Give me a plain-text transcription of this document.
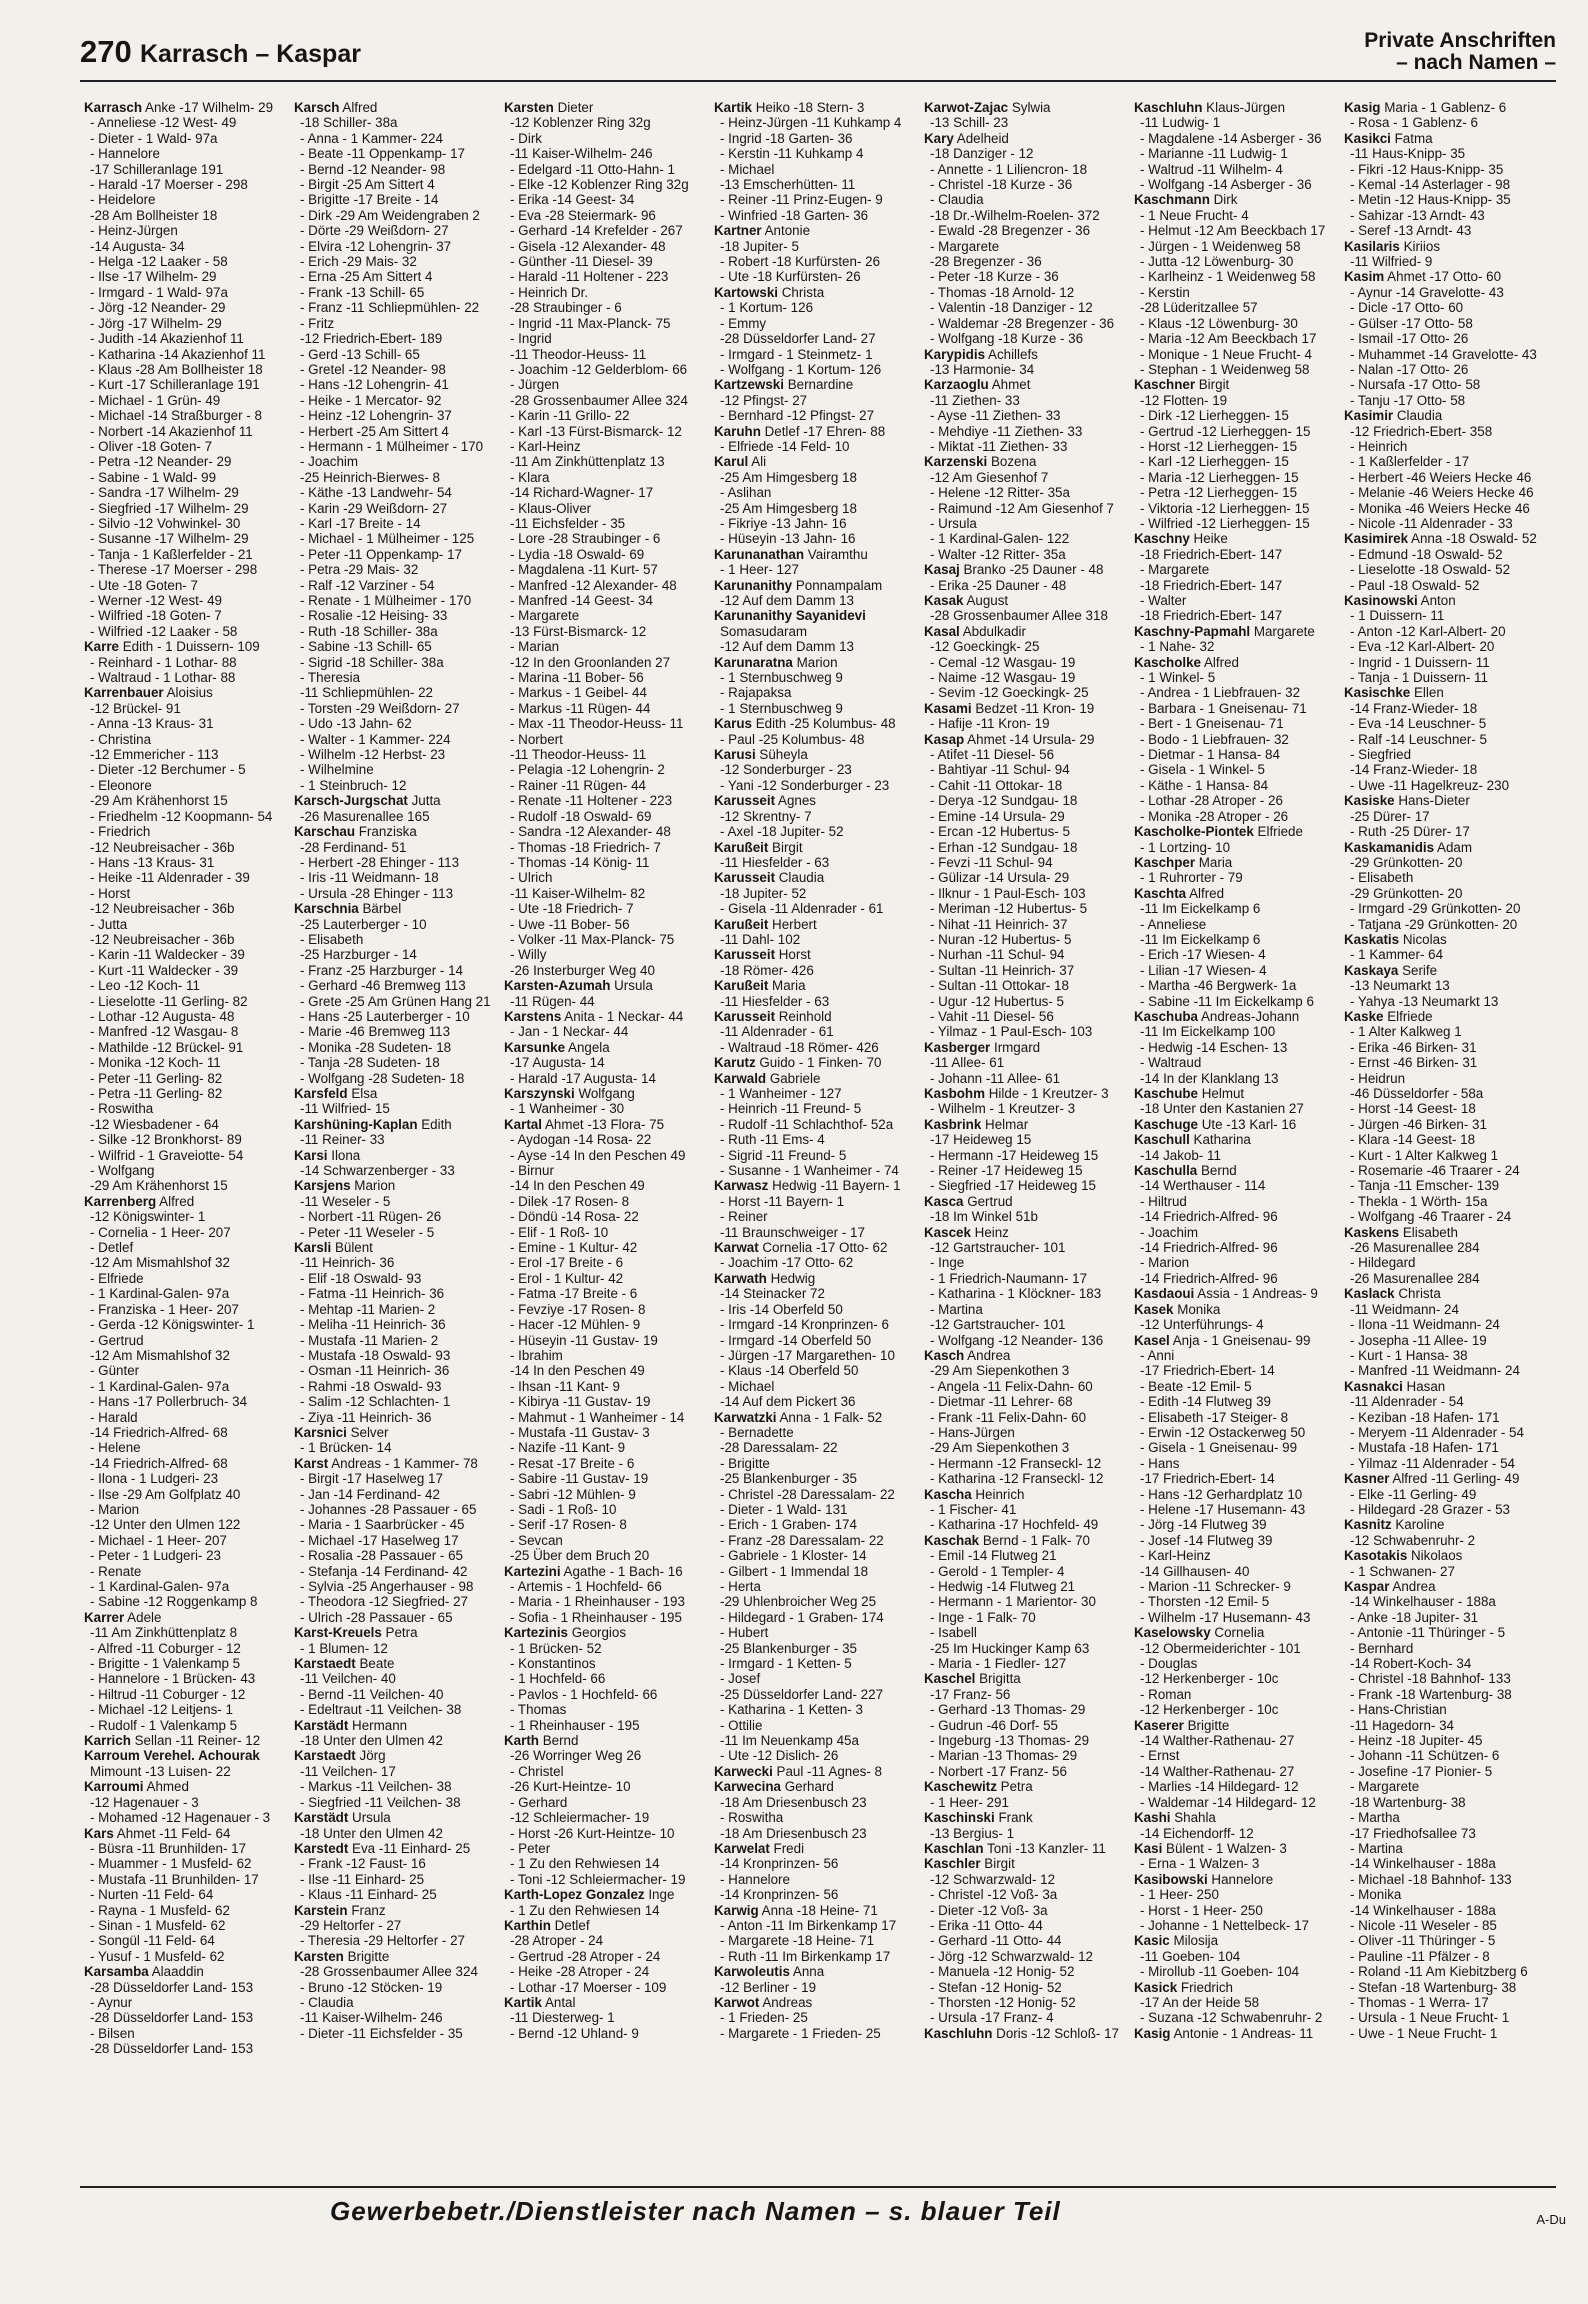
270 Karrasch – Kaspar	Private Anschriften
– nach Namen –
Karrasch Anke -17 Wilhelm- 29
- Anneliese -12 West- 49
- Dieter - 1 Wald- 97a
- Hannelore
-17 Schilleranlage 191
- Harald -17 Moerser - 298
- Heidelore
-28 Am Bollheister 18
- Heinz-Jürgen
-14 Augusta- 34
- Helga -12 Laaker - 58
- Ilse -17 Wilhelm- 29
- Irmgard - 1 Wald- 97a
- Jörg -12 Neander- 29
- Jörg -17 Wilhelm- 29
- Judith -14 Akazienhof 11
- Katharina -14 Akazienhof 11
- Klaus -28 Am Bollheister 18
- Kurt -17 Schilleranlage 191
- Michael - 1 Grün- 49
- Michael -14 Straßburger - 8
- Norbert -14 Akazienhof 11
- Oliver -18 Goten- 7
- Petra -12 Neander- 29
- Sabine - 1 Wald- 99
- Sandra -17 Wilhelm- 29
- Siegfried -17 Wilhelm- 29
- Silvio -12 Vohwinkel- 30
- Susanne -17 Wilhelm- 29
- Tanja - 1 Kaßlerfelder - 21
- Therese -17 Moerser - 298
- Ute -18 Goten- 7
- Werner -12 West- 49
- Wilfried -18 Goten- 7
- Wilfried -12 Laaker - 58
Karre Edith - 1 Duissern- 109
- Reinhard - 1 Lothar- 88
- Waltraud - 1 Lothar- 88
Karrenbauer Aloisius
-12 Brückel- 91
- Anna -13 Kraus- 31
- Christina
-12 Emmericher - 113
- Dieter -12 Berchumer - 5
- Eleonore
-29 Am Krähenhorst 15
- Friedhelm -12 Koopmann- 54
- Friedrich
-12 Neubreisacher - 36b
- Hans -13 Kraus- 31
- Heike -11 Aldenrader - 39
- Horst
-12 Neubreisacher - 36b
- Jutta
-12 Neubreisacher - 36b
- Karin -11 Waldecker - 39
- Kurt -11 Waldecker - 39
- Leo -12 Koch- 11
- Lieselotte -11 Gerling- 82
- Lothar -12 Augusta- 48
- Manfred -12 Wasgau- 8
- Mathilde -12 Brückel- 91
- Monika -12 Koch- 11
- Peter -11 Gerling- 82
- Petra -11 Gerling- 82
- Roswitha
-12 Wiesbadener - 64
- Silke -12 Bronkhorst- 89
- Wilfrid - 1 Graveiotte- 54
- Wolfgang
-29 Am Krähenhorst 15
Karrenberg Alfred
-12 Königswinter- 1
- Cornelia - 1 Heer- 207
- Detlef
-12 Am Mismahlshof 32
- Elfriede
- 1 Kardinal-Galen- 97a
- Franziska - 1 Heer- 207
- Gerda -12 Königswinter- 1
- Gertrud
-12 Am Mismahlshof 32
- Günter
- 1 Kardinal-Galen- 97a
- Hans -17 Pollerbruch- 34
- Harald
-14 Friedrich-Alfred- 68
- Helene
-14 Friedrich-Alfred- 68
- Ilona - 1 Ludgeri- 23
- Ilse -29 Am Golfplatz 40
- Marion
-12 Unter den Ulmen 122
- Michael - 1 Heer- 207
- Peter - 1 Ludgeri- 23
- Renate
- 1 Kardinal-Galen- 97a
- Sabine -12 Roggenkamp 8
Karrer Adele
-11 Am Zinkhüttenplatz 8
- Alfred -11 Coburger - 12
- Brigitte - 1 Valenkamp 5
- Hannelore - 1 Brücken- 43
- Hiltrud -11 Coburger - 12
- Michael -12 Leitjens- 1
- Rudolf - 1 Valenkamp 5
Karrich Sellan -11 Reiner- 12
Karroum Verehel. Achourak
Mimount -13 Luisen- 22
Karroumi Ahmed
-12 Hagenauer - 3
- Mohamed -12 Hagenauer - 3
Kars Ahmet -11 Feld- 64
- Büsra -11 Brunhilden- 17
- Muammer - 1 Musfeld- 62
- Mustafa -11 Brunhilden- 17
- Nurten -11 Feld- 64
- Rayna - 1 Musfeld- 62
- Sinan - 1 Musfeld- 62
- Songül -11 Feld- 64
- Yusuf - 1 Musfeld- 62
Karsamba Alaaddin
-28 Düsseldorfer Land- 153
- Aynur
-28 Düsseldorfer Land- 153
- Bilsen
-28 Düsseldorfer Land- 153
Karsch Alfred
-18 Schiller- 38a
- Anna - 1 Kammer- 224
- Beate -11 Oppenkamp- 17
- Bernd -12 Neander- 98
- Birgit -25 Am Sittert 4
- Brigitte -17 Breite - 14
- Dirk -29 Am Weidengraben 2
- Dörte -29 Weißdorn- 27
- Elvira -12 Lohengrin- 37
- Erich -29 Mais- 32
- Erna -25 Am Sittert 4
- Frank -13 Schill- 65
- Franz -11 Schliepmühlen- 22
- Fritz
-12 Friedrich-Ebert- 189
- Gerd -13 Schill- 65
- Gretel -12 Neander- 98
- Hans -12 Lohengrin- 41
- Heike - 1 Mercator- 92
- Heinz -12 Lohengrin- 37
- Herbert -25 Am Sittert 4
- Hermann - 1 Mülheimer - 170
- Joachim
-25 Heinrich-Bierwes- 8
- Käthe -13 Landwehr- 54
- Karin -29 Weißdorn- 27
- Karl -17 Breite - 14
- Michael - 1 Mülheimer - 125
- Peter -11 Oppenkamp- 17
- Petra -29 Mais- 32
- Ralf -12 Varziner - 54
- Renate - 1 Mülheimer - 170
- Rosalie -12 Heising- 33
- Ruth -18 Schiller- 38a
- Sabine -13 Schill- 65
- Sigrid -18 Schiller- 38a
- Theresia
-11 Schliepmühlen- 22
- Torsten -29 Weißdorn- 27
- Udo -13 Jahn- 62
- Walter - 1 Kammer- 224
- Wilhelm -12 Herbst- 23
- Wilhelmine
- 1 Steinbruch- 12
Karsch-Jurgschat Jutta
-26 Masurenallee 165
Karschau Franziska
-28 Ferdinand- 51
- Herbert -28 Ehinger - 113
- Iris -11 Weidmann- 18
- Ursula -28 Ehinger - 113
Karschnia Bärbel
-25 Lauterberger - 10
- Elisabeth
-25 Harzburger - 14
- Franz -25 Harzburger - 14
- Gerhard -46 Bremweg 113
- Grete -25 Am Grünen Hang 21
- Hans -25 Lauterberger - 10
- Marie -46 Bremweg 113
- Monika -28 Sudeten- 18
- Tanja -28 Sudeten- 18
- Wolfgang -28 Sudeten- 18
Karsfeld Elsa
-11 Wilfried- 15
Karshüning-Kaplan Edith
-11 Reiner- 33
Karsi Ilona
-14 Schwarzenberger - 33
Karsjens Marion
-11 Weseler - 5
- Norbert -11 Rügen- 26
- Peter -11 Weseler - 5
Karsli Bülent
-11 Heinrich- 36
- Elif -18 Oswald- 93
- Fatma -11 Heinrich- 36
- Mehtap -11 Marien- 2
- Meliha -11 Heinrich- 36
- Mustafa -11 Marien- 2
- Mustafa -18 Oswald- 93
- Osman -11 Heinrich- 36
- Rahmi -18 Oswald- 93
- Salim -12 Schlachten- 1
- Ziya -11 Heinrich- 36
Karsnici Selver
- 1 Brücken- 14
Karst Andreas - 1 Kammer- 78
- Birgit -17 Haselweg 17
- Jan -14 Ferdinand- 42
- Johannes -28 Passauer - 65
- Maria - 1 Saarbrücker - 45
- Michael -17 Haselweg 17
- Rosalia -28 Passauer - 65
- Stefanja -14 Ferdinand- 42
- Sylvia -25 Angerhauser - 98
- Theodora -12 Siegfried- 27
- Ulrich -28 Passauer - 65
Karst-Kreuels Petra
- 1 Blumen- 12
Karstaedt Beate
-11 Veilchen- 40
- Bernd -11 Veilchen- 40
- Edeltraut -11 Veilchen- 38
Karstädt Hermann
-18 Unter den Ulmen 42
Karstaedt Jörg
-11 Veilchen- 17
- Markus -11 Veilchen- 38
- Siegfried -11 Veilchen- 38
Karstädt Ursula
-18 Unter den Ulmen 42
Karstedt Eva -11 Einhard- 25
- Frank -12 Faust- 16
- Ilse -11 Einhard- 25
- Klaus -11 Einhard- 25
Karstein Franz
-29 Heltorfer - 27
- Theresia -29 Heltorfer - 27
Karsten Brigitte
-28 Grossenbaumer Allee 324
- Bruno -12 Stöcken- 19
- Claudia
-11 Kaiser-Wilhelm- 246
- Dieter -11 Eichsfelder - 35
Karsten Dieter
-12 Koblenzer Ring 32g
- Dirk
-11 Kaiser-Wilhelm- 246
- Edelgard -11 Otto-Hahn- 1
- Elke -12 Koblenzer Ring 32g
- Erika -14 Geest- 34
- Eva -28 Steiermark- 96
- Gerhard -14 Krefelder - 267
- Gisela -12 Alexander- 48
- Günther -11 Diesel- 39
- Harald -11 Holtener - 223
- Heinrich Dr.
-28 Straubinger - 6
- Ingrid -11 Max-Planck- 75
- Ingrid
-11 Theodor-Heuss- 11
- Joachim -12 Gelderblom- 66
- Jürgen
-28 Grossenbaumer Allee 324
- Karin -11 Grillo- 22
- Karl -13 Fürst-Bismarck- 12
- Karl-Heinz
-11 Am Zinkhüttenplatz 13
- Klara
-14 Richard-Wagner- 17
- Klaus-Oliver
-11 Eichsfelder - 35
- Lore -28 Straubinger - 6
- Lydia -18 Oswald- 69
- Magdalena -11 Kurt- 57
- Manfred -12 Alexander- 48
- Manfred -14 Geest- 34
- Margarete
-13 Fürst-Bismarck- 12
- Marian
-12 In den Groonlanden 27
- Marina -11 Bober- 56
- Markus - 1 Geibel- 44
- Markus -11 Rügen- 44
- Max -11 Theodor-Heuss- 11
- Norbert
-11 Theodor-Heuss- 11
- Pelagia -12 Lohengrin- 2
- Rainer -11 Rügen- 44
- Renate -11 Holtener - 223
- Rudolf -18 Oswald- 69
- Sandra -12 Alexander- 48
- Thomas -18 Friedrich- 7
- Thomas -14 König- 11
- Ulrich
-11 Kaiser-Wilhelm- 82
- Ute -18 Friedrich- 7
- Uwe -11 Bober- 56
- Volker -11 Max-Planck- 75
- Willy
-26 Insterburger Weg 40
Karsten-Azumah Ursula
-11 Rügen- 44
Karstens Anita - 1 Neckar- 44
- Jan - 1 Neckar- 44
Karsunke Angela
-17 Augusta- 14
- Harald -17 Augusta- 14
Karszynski Wolfgang
- 1 Wanheimer - 30
Kartal Ahmet -13 Flora- 75
- Aydogan -14 Rosa- 22
- Ayse -14 In den Peschen 49
- Birnur
-14 In den Peschen 49
- Dilek -17 Rosen- 8
- Döndü -14 Rosa- 22
- Elif - 1 Roß- 10
- Emine - 1 Kultur- 42
- Erol -17 Breite - 6
- Erol - 1 Kultur- 42
- Fatma -17 Breite - 6
- Fevziye -17 Rosen- 8
- Hacer -12 Mühlen- 9
- Hüseyin -11 Gustav- 19
- Ibrahim
-14 In den Peschen 49
- Ihsan -11 Kant- 9
- Kibirya -11 Gustav- 19
- Mahmut - 1 Wanheimer - 14
- Mustafa -11 Gustav- 3
- Nazife -11 Kant- 9
- Resat -17 Breite - 6
- Sabire -11 Gustav- 19
- Sabri -12 Mühlen- 9
- Sadi - 1 Roß- 10
- Serif -17 Rosen- 8
- Sevcan
-25 Über dem Bruch 20
Kartezini Agathe - 1 Bach- 16
- Artemis - 1 Hochfeld- 66
- Maria - 1 Rheinhauser - 193
- Sofia - 1 Rheinhauser - 195
Kartezinis Georgios
- 1 Brücken- 52
- Konstantinos
- 1 Hochfeld- 66
- Pavlos - 1 Hochfeld- 66
- Thomas
- 1 Rheinhauser - 195
Karth Bernd
-26 Worringer Weg 26
- Christel
-26 Kurt-Heintze- 10
- Gerhard
-12 Schleiermacher- 19
- Horst -26 Kurt-Heintze- 10
- Peter
- 1 Zu den Rehwiesen 14
- Toni -12 Schleiermacher- 19
Karth-Lopez Gonzalez Inge
- 1 Zu den Rehwiesen 14
Karthin Detlef
-28 Atroper - 24
- Gertrud -28 Atroper - 24
- Heike -28 Atroper - 24
- Lothar -17 Moerser - 109
Kartik Antal
-11 Diesterweg- 1
- Bernd -12 Uhland- 9
Kartik Heiko -18 Stern- 3
- Heinz-Jürgen -11 Kuhkamp 4
- Ingrid -18 Garten- 36
- Kerstin -11 Kuhkamp 4
- Michael
-13 Emscherhütten- 11
- Reiner -11 Prinz-Eugen- 9
- Winfried -18 Garten- 36
Kartner Antonie
-18 Jupiter- 5
- Robert -18 Kurfürsten- 26
- Ute -18 Kurfürsten- 26
Kartowski Christa
- 1 Kortum- 126
- Emmy
-28 Düsseldorfer Land- 27
- Irmgard - 1 Steinmetz- 1
- Wolfgang - 1 Kortum- 126
Kartzewski Bernardine
-12 Pfingst- 27
- Bernhard -12 Pfingst- 27
Karuhn Detlef -17 Ehren- 88
- Elfriede -14 Feld- 10
Karul Ali
-25 Am Himgesberg 18
- Aslihan
-25 Am Himgesberg 18
- Fikriye -13 Jahn- 16
- Hüseyin -13 Jahn- 16
Karunanathan Vairamthu
- 1 Heer- 127
Karunanithy Ponnampalam
-12 Auf dem Damm 13
Karunanithy Sayanidevi
Somasudaram
-12 Auf dem Damm 13
Karunaratna Marion
- 1 Sternbuschweg 9
- Rajapaksa
- 1 Sternbuschweg 9
Karus Edith -25 Kolumbus- 48
- Paul -25 Kolumbus- 48
Karusi Süheyla
-12 Sonderburger - 23
- Yani -12 Sonderburger - 23
Karusseit Agnes
-12 Skrentny- 7
- Axel -18 Jupiter- 52
Karußeit Birgit
-11 Hiesfelder - 63
Karusseit Claudia
-18 Jupiter- 52
- Gisela -11 Aldenrader - 61
Karußeit Herbert
-11 Dahl- 102
Karusseit Horst
-18 Römer- 426
Karußeit Maria
-11 Hiesfelder - 63
Karusseit Reinhold
-11 Aldenrader - 61
- Waltraud -18 Römer- 426
Karutz Guido - 1 Finken- 70
Karwald Gabriele
- 1 Wanheimer - 127
- Heinrich -11 Freund- 5
- Rudolf -11 Schlachthof- 52a
- Ruth -11 Ems- 4
- Sigrid -11 Freund- 5
- Susanne - 1 Wanheimer - 74
Karwasz Hedwig -11 Bayern- 1
- Horst -11 Bayern- 1
- Reiner
-11 Braunschweiger - 17
Karwat Cornelia -17 Otto- 62
- Joachim -17 Otto- 62
Karwath Hedwig
-14 Steinacker 72
- Iris -14 Oberfeld 50
- Irmgard -14 Kronprinzen- 6
- Irmgard -14 Oberfeld 50
- Jürgen -17 Margarethen- 10
- Klaus -14 Oberfeld 50
- Michael
-14 Auf dem Pickert 36
Karwatzki Anna - 1 Falk- 52
- Bernadette
-28 Daressalam- 22
- Brigitte
-25 Blankenburger - 35
- Christel -28 Daressalam- 22
- Dieter - 1 Wald- 131
- Erich - 1 Graben- 174
- Franz -28 Daressalam- 22
- Gabriele - 1 Kloster- 14
- Gilbert - 1 Immendal 18
- Herta
-29 Uhlenbroicher Weg 25
- Hildegard - 1 Graben- 174
- Hubert
-25 Blankenburger - 35
- Irmgard - 1 Ketten- 5
- Josef
-25 Düsseldorfer Land- 227
- Katharina - 1 Ketten- 3
- Ottilie
-11 Im Neuenkamp 45a
- Ute -12 Dislich- 26
Karwecki Paul -11 Agnes- 8
Karwecina Gerhard
-18 Am Driesenbusch 23
- Roswitha
-18 Am Driesenbusch 23
Karwelat Fredi
-14 Kronprinzen- 56
- Hannelore
-14 Kronprinzen- 56
Karwig Anna -18 Heine- 71
- Anton -11 Im Birkenkamp 17
- Margarete -18 Heine- 71
- Ruth -11 Im Birkenkamp 17
Karwoleutis Anna
-12 Berliner - 19
Karwot Andreas
- 1 Frieden- 25
- Margarete - 1 Frieden- 25
Karwot-Zajac Sylwia
-13 Schill- 23
Kary Adelheid
-18 Danziger - 12
- Annette - 1 Liliencron- 18
- Christel -18 Kurze - 36
- Claudia
-18 Dr.-Wilhelm-Roelen- 372
- Ewald -28 Bregenzer - 36
- Margarete
-28 Bregenzer - 36
- Peter -18 Kurze - 36
- Thomas -18 Arnold- 12
- Valentin -18 Danziger - 12
- Waldemar -28 Bregenzer - 36
- Wolfgang -18 Kurze - 36
Karypidis Achillefs
-13 Harmonie- 34
Karzaoglu Ahmet
-11 Ziethen- 33
- Ayse -11 Ziethen- 33
- Mehdiye -11 Ziethen- 33
- Miktat -11 Ziethen- 33
Karzenski Bozena
-12 Am Giesenhof 7
- Helene -12 Ritter- 35a
- Raimund -12 Am Giesenhof 7
- Ursula
- 1 Kardinal-Galen- 122
- Walter -12 Ritter- 35a
Kasaj Branko -25 Dauner - 48
- Erika -25 Dauner - 48
Kasak August
-28 Grossenbaumer Allee 318
Kasal Abdulkadir
-12 Goeckingk- 25
- Cemal -12 Wasgau- 19
- Naime -12 Wasgau- 19
- Sevim -12 Goeckingk- 25
Kasami Bedzet -11 Kron- 19
- Hafije -11 Kron- 19
Kasap Ahmet -14 Ursula- 29
- Atifet -11 Diesel- 56
- Bahtiyar -11 Schul- 94
- Cahit -11 Ottokar- 18
- Derya -12 Sundgau- 18
- Emine -14 Ursula- 29
- Ercan -12 Hubertus- 5
- Erhan -12 Sundgau- 18
- Fevzi -11 Schul- 94
- Gülizar -14 Ursula- 29
- Ilknur - 1 Paul-Esch- 103
- Meriman -12 Hubertus- 5
- Nihat -11 Heinrich- 37
- Nuran -12 Hubertus- 5
- Nurhan -11 Schul- 94
- Sultan -11 Heinrich- 37
- Sultan -11 Ottokar- 18
- Ugur -12 Hubertus- 5
- Vahit -11 Diesel- 56
- Yilmaz - 1 Paul-Esch- 103
Kasberger Irmgard
-11 Allee- 61
- Johann -11 Allee- 61
Kasbohm Hilde - 1 Kreutzer- 3
- Wilhelm - 1 Kreutzer- 3
Kasbrink Helmar
-17 Heideweg 15
- Hermann -17 Heideweg 15
- Reiner -17 Heideweg 15
- Siegfried -17 Heideweg 15
Kasca Gertrud
-18 Im Winkel 51b
Kascek Heinz
-12 Gartstraucher- 101
- Inge
- 1 Friedrich-Naumann- 17
- Katharina - 1 Klöckner- 183
- Martina
-12 Gartstraucher- 101
- Wolfgang -12 Neander- 136
Kasch Andrea
-29 Am Siepenkothen 3
- Angela -11 Felix-Dahn- 60
- Dietmar -11 Lehrer- 68
- Frank -11 Felix-Dahn- 60
- Hans-Jürgen
-29 Am Siepenkothen 3
- Hermann -12 Franseckl- 12
- Katharina -12 Franseckl- 12
Kascha Heinrich
- 1 Fischer- 41
- Katharina -17 Hochfeld- 49
Kaschak Bernd - 1 Falk- 70
- Emil -14 Flutweg 21
- Gerold - 1 Templer- 4
- Hedwig -14 Flutweg 21
- Hermann - 1 Marientor- 30
- Inge - 1 Falk- 70
- Isabell
-25 Im Huckinger Kamp 63
- Maria - 1 Fiedler- 127
Kaschel Brigitta
-17 Franz- 56
- Gerhard -13 Thomas- 29
- Gudrun -46 Dorf- 55
- Ingeburg -13 Thomas- 29
- Marian -13 Thomas- 29
- Norbert -17 Franz- 56
Kaschewitz Petra
- 1 Heer- 291
Kaschinski Frank
-13 Bergius- 1
Kaschlan Toni -13 Kanzler- 11
Kaschler Birgit
-12 Schwarzwald- 12
- Christel -12 Voß- 3a
- Dieter -12 Voß- 3a
- Erika -11 Otto- 44
- Gerhard -11 Otto- 44
- Jörg -12 Schwarzwald- 12
- Manuela -12 Honig- 52
- Stefan -12 Honig- 52
- Thorsten -12 Honig- 52
- Ursula -17 Franz- 4
Kaschluhn Doris -12 Schloß- 17
Kaschluhn Klaus-Jürgen
-11 Ludwig- 1
- Magdalene -14 Asberger - 36
- Marianne -11 Ludwig- 1
- Waltrud -11 Wilhelm- 4
- Wolfgang -14 Asberger - 36
Kaschmann Dirk
- 1 Neue Frucht- 4
- Helmut -12 Am Beeckbach 17
- Jürgen - 1 Weidenweg 58
- Jutta -12 Löwenburg- 30
- Karlheinz - 1 Weidenweg 58
- Kerstin
-28 Lüderitzallee 57
- Klaus -12 Löwenburg- 30
- Maria -12 Am Beeckbach 17
- Monique - 1 Neue Frucht- 4
- Stephan - 1 Weidenweg 58
Kaschner Birgit
-12 Flotten- 19
- Dirk -12 Lierheggen- 15
- Gertrud -12 Lierheggen- 15
- Horst -12 Lierheggen- 15
- Karl -12 Lierheggen- 15
- Maria -12 Lierheggen- 15
- Petra -12 Lierheggen- 15
- Viktoria -12 Lierheggen- 15
- Wilfried -12 Lierheggen- 15
Kaschny Heike
-18 Friedrich-Ebert- 147
- Margarete
-18 Friedrich-Ebert- 147
- Walter
-18 Friedrich-Ebert- 147
Kaschny-Papmahl Margarete
- 1 Nahe- 32
Kascholke Alfred
- 1 Winkel- 5
- Andrea - 1 Liebfrauen- 32
- Barbara - 1 Gneisenau- 71
- Bert - 1 Gneisenau- 71
- Bodo - 1 Liebfrauen- 32
- Dietmar - 1 Hansa- 84
- Gisela - 1 Winkel- 5
- Käthe - 1 Hansa- 84
- Lothar -28 Atroper - 26
- Monika -28 Atroper - 26
Kascholke-Piontek Elfriede
- 1 Lortzing- 10
Kaschper Maria
- 1 Ruhrorter - 79
Kaschta Alfred
-11 Im Eickelkamp 6
- Anneliese
-11 Im Eickelkamp 6
- Erich -17 Wiesen- 4
- Lilian -17 Wiesen- 4
- Martha -46 Bergwerk- 1a
- Sabine -11 Im Eickelkamp 6
Kaschuba Andreas-Johann
-11 Im Eickelkamp 100
- Hedwig -14 Eschen- 13
- Waltraud
-14 In der Klanklang 13
Kaschube Helmut
-18 Unter den Kastanien 27
Kaschuge Ute -13 Karl- 16
Kaschull Katharina
-14 Jakob- 11
Kaschulla Bernd
-14 Werthauser - 114
- Hiltrud
-14 Friedrich-Alfred- 96
- Joachim
-14 Friedrich-Alfred- 96
- Marion
-14 Friedrich-Alfred- 96
Kasdaoui Assia - 1 Andreas- 9
Kasek Monika
-12 Unterführungs- 4
Kasel Anja - 1 Gneisenau- 99
- Anni
-17 Friedrich-Ebert- 14
- Beate -12 Emil- 5
- Edith -14 Flutweg 39
- Elisabeth -17 Steiger- 8
- Erwin -12 Ostackerweg 50
- Gisela - 1 Gneisenau- 99
- Hans
-17 Friedrich-Ebert- 14
- Hans -12 Gerhardplatz 10
- Helene -17 Husemann- 43
- Jörg -14 Flutweg 39
- Josef -14 Flutweg 39
- Karl-Heinz
-14 Gillhausen- 40
- Marion -11 Schrecker- 9
- Thorsten -12 Emil- 5
- Wilhelm -17 Husemann- 43
Kaselowsky Cornelia
-12 Obermeiderichter - 101
- Douglas
-12 Herkenberger - 10c
- Roman
-12 Herkenberger - 10c
Kaserer Brigitte
-14 Walther-Rathenau- 27
- Ernst
-14 Walther-Rathenau- 27
- Marlies -14 Hildegard- 12
- Waldemar -14 Hildegard- 12
Kashi Shahla
-14 Eichendorff- 12
Kasi Bülent - 1 Walzen- 3
- Erna - 1 Walzen- 3
Kasibowski Hannelore
- 1 Heer- 250
- Horst - 1 Heer- 250
- Johanne - 1 Nettelbeck- 17
Kasic Milosija
-11 Goeben- 104
- Mirollub -11 Goeben- 104
Kasick Friedrich
-17 An der Heide 58
- Suzana -12 Schwabenruhr- 2
Kasig Antonie - 1 Andreas- 11
Kasig Maria - 1 Gablenz- 6
- Rosa - 1 Gablenz- 6
Kasikci Fatma
-11 Haus-Knipp- 35
- Fikri -12 Haus-Knipp- 35
- Kemal -14 Asterlager - 98
- Metin -12 Haus-Knipp- 35
- Sahizar -13 Arndt- 43
- Seref -13 Arndt- 43
Kasilaris Kiriios
-11 Wilfried- 9
Kasim Ahmet -17 Otto- 60
- Aynur -14 Gravelotte- 43
- Dicle -17 Otto- 60
- Gülser -17 Otto- 58
- Ismail -17 Otto- 26
- Muhammet -14 Gravelotte- 43
- Nalan -17 Otto- 26
- Nursafa -17 Otto- 58
- Tanju -17 Otto- 58
Kasimir Claudia
-12 Friedrich-Ebert- 358
- Heinrich
- 1 Kaßlerfelder - 17
- Herbert -46 Weiers Hecke 46
- Melanie -46 Weiers Hecke 46
- Monika -46 Weiers Hecke 46
- Nicole -11 Aldenrader - 33
Kasimirek Anna -18 Oswald- 52
- Edmund -18 Oswald- 52
- Lieselotte -18 Oswald- 52
- Paul -18 Oswald- 52
Kasinowski Anton
- 1 Duissern- 11
- Anton -12 Karl-Albert- 20
- Eva -12 Karl-Albert- 20
- Ingrid - 1 Duissern- 11
- Tanja - 1 Duissern- 11
Kasischke Ellen
-14 Franz-Wieder- 18
- Eva -14 Leuschner- 5
- Ralf -14 Leuschner- 5
- Siegfried
-14 Franz-Wieder- 18
- Uwe -11 Hagelkreuz- 230
Kasiske Hans-Dieter
-25 Dürer- 17
- Ruth -25 Dürer- 17
Kaskamanidis Adam
-29 Grünkotten- 20
- Elisabeth
-29 Grünkotten- 20
- Irmgard -29 Grünkotten- 20
- Tatjana -29 Grünkotten- 20
Kaskatis Nicolas
- 1 Kammer- 64
Kaskaya Serife
-13 Neumarkt 13
- Yahya -13 Neumarkt 13
Kaske Elfriede
- 1 Alter Kalkweg 1
- Erika -46 Birken- 31
- Ernst -46 Birken- 31
- Heidrun
-46 Düsseldorfer - 58a
- Horst -14 Geest- 18
- Jürgen -46 Birken- 31
- Klara -14 Geest- 18
- Kurt - 1 Alter Kalkweg 1
- Rosemarie -46 Traarer - 24
- Tanja -11 Emscher- 139
- Thekla - 1 Wörth- 15a
- Wolfgang -46 Traarer - 24
Kaskens Elisabeth
-26 Masurenallee 284
- Hildegard
-26 Masurenallee 284
Kaslack Christa
-11 Weidmann- 24
- Ilona -11 Weidmann- 24
- Josepha -11 Allee- 19
- Kurt - 1 Hansa- 38
- Manfred -11 Weidmann- 24
Kasnakci Hasan
-11 Aldenrader - 54
- Keziban -18 Hafen- 171
- Meryem -11 Aldenrader - 54
- Mustafa -18 Hafen- 171
- Yilmaz -11 Aldenrader - 54
Kasner Alfred -11 Gerling- 49
- Elke -11 Gerling- 49
- Hildegard -28 Grazer - 53
Kasnitz Karoline
-12 Schwabenruhr- 2
Kasotakis Nikolaos
- 1 Schwanen- 27
Kaspar Andrea
-14 Winkelhauser - 188a
- Anke -18 Jupiter- 31
- Antonie -11 Thüringer - 5
- Bernhard
-14 Robert-Koch- 34
- Christel -18 Bahnhof- 133
- Frank -18 Wartenburg- 38
- Hans-Christian
-11 Hagedorn- 34
- Heinz -18 Jupiter- 45
- Johann -11 Schützen- 6
- Josefine -17 Pionier- 5
- Margarete
-18 Wartenburg- 38
- Martha
-17 Friedhofsallee 73
- Martina
-14 Winkelhauser - 188a
- Michael -18 Bahnhof- 133
- Monika
-14 Winkelhauser - 188a
- Nicole -11 Weseler - 85
- Oliver -11 Thüringer - 5
- Pauline -11 Pfälzer - 8
- Roland -11 Am Kiebitzberg 6
- Stefan -18 Wartenburg- 38
- Thomas - 1 Werra- 17
- Ursula - 1 Neue Frucht- 1
- Uwe - 1 Neue Frucht- 1
Gewerbebetr./Dienstleister nach Namen – s. blauer Teil	A-Du
